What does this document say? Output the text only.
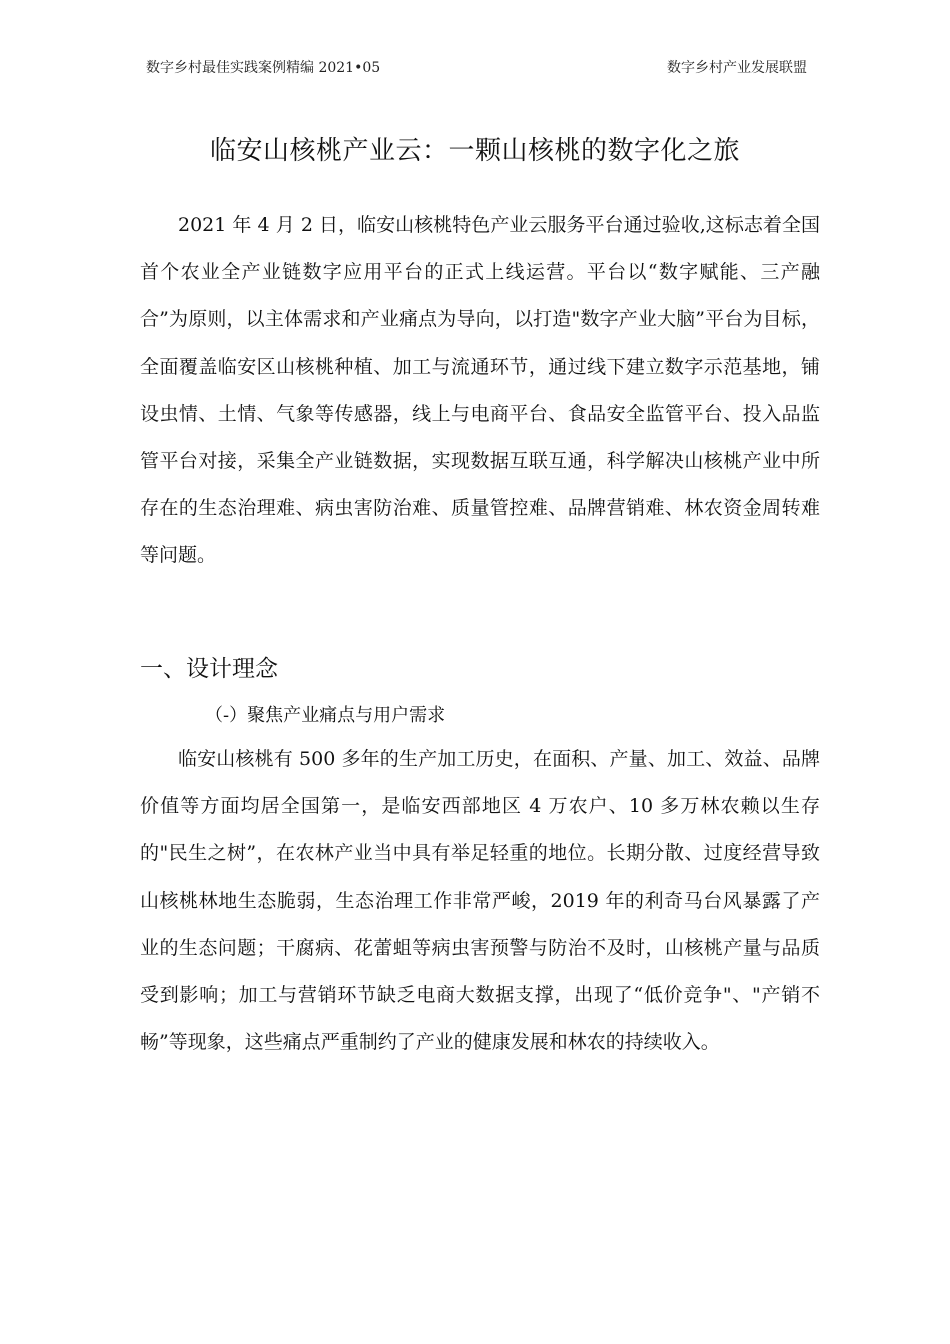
数字乡村最佳实践案例精编 2021•05	数字乡村产业发展联盟
临安山核桃产业云：一颗山核桃的数字化之旅

2021 年 4 月 2 日，临安山核桃特色产业云服务平台通过验收,这标志着全国首个农业全产业链数字应用平台的正式上线运营。平台以“数字赋能、三产融合”为原则，以主体需求和产业痛点为导向，以打造"数字产业大脑”平台为目标，全面覆盖临安区山核桃种植、加工与流通环节，通过线下建立数字示范基地，铺设虫情、土情、气象等传感器，线上与电商平台、食品安全监管平台、投入品监管平台对接，采集全产业链数据，实现数据互联互通，科学解决山核桃产业中所存在的生态治理难、病虫害防治难、质量管控难、品牌营销难、林农资金周转难等问题。

一、设计理念
（-）聚焦产业痛点与用户需求

临安山核桃有 500 多年的生产加工历史，在面积、产量、加工、效益、品牌价值等方面均居全国第一，是临安西部地区 4 万农户、10 多万林农赖以生存的"民生之树”，在农林产业当中具有举足轻重的地位。长期分散、过度经营导致山核桃林地生态脆弱，生态治理工作非常严峻，2019 年的利奇马台风暴露了产业的生态问题；干腐病、花蕾蛆等病虫害预警与防治不及时，山核桃产量与品质受到影响；加工与营销环节缺乏电商大数据支撑，出现了“低价竞争"、"产销不畅”等现象，这些痛点严重制约了产业的健康发展和林农的持续收入。
